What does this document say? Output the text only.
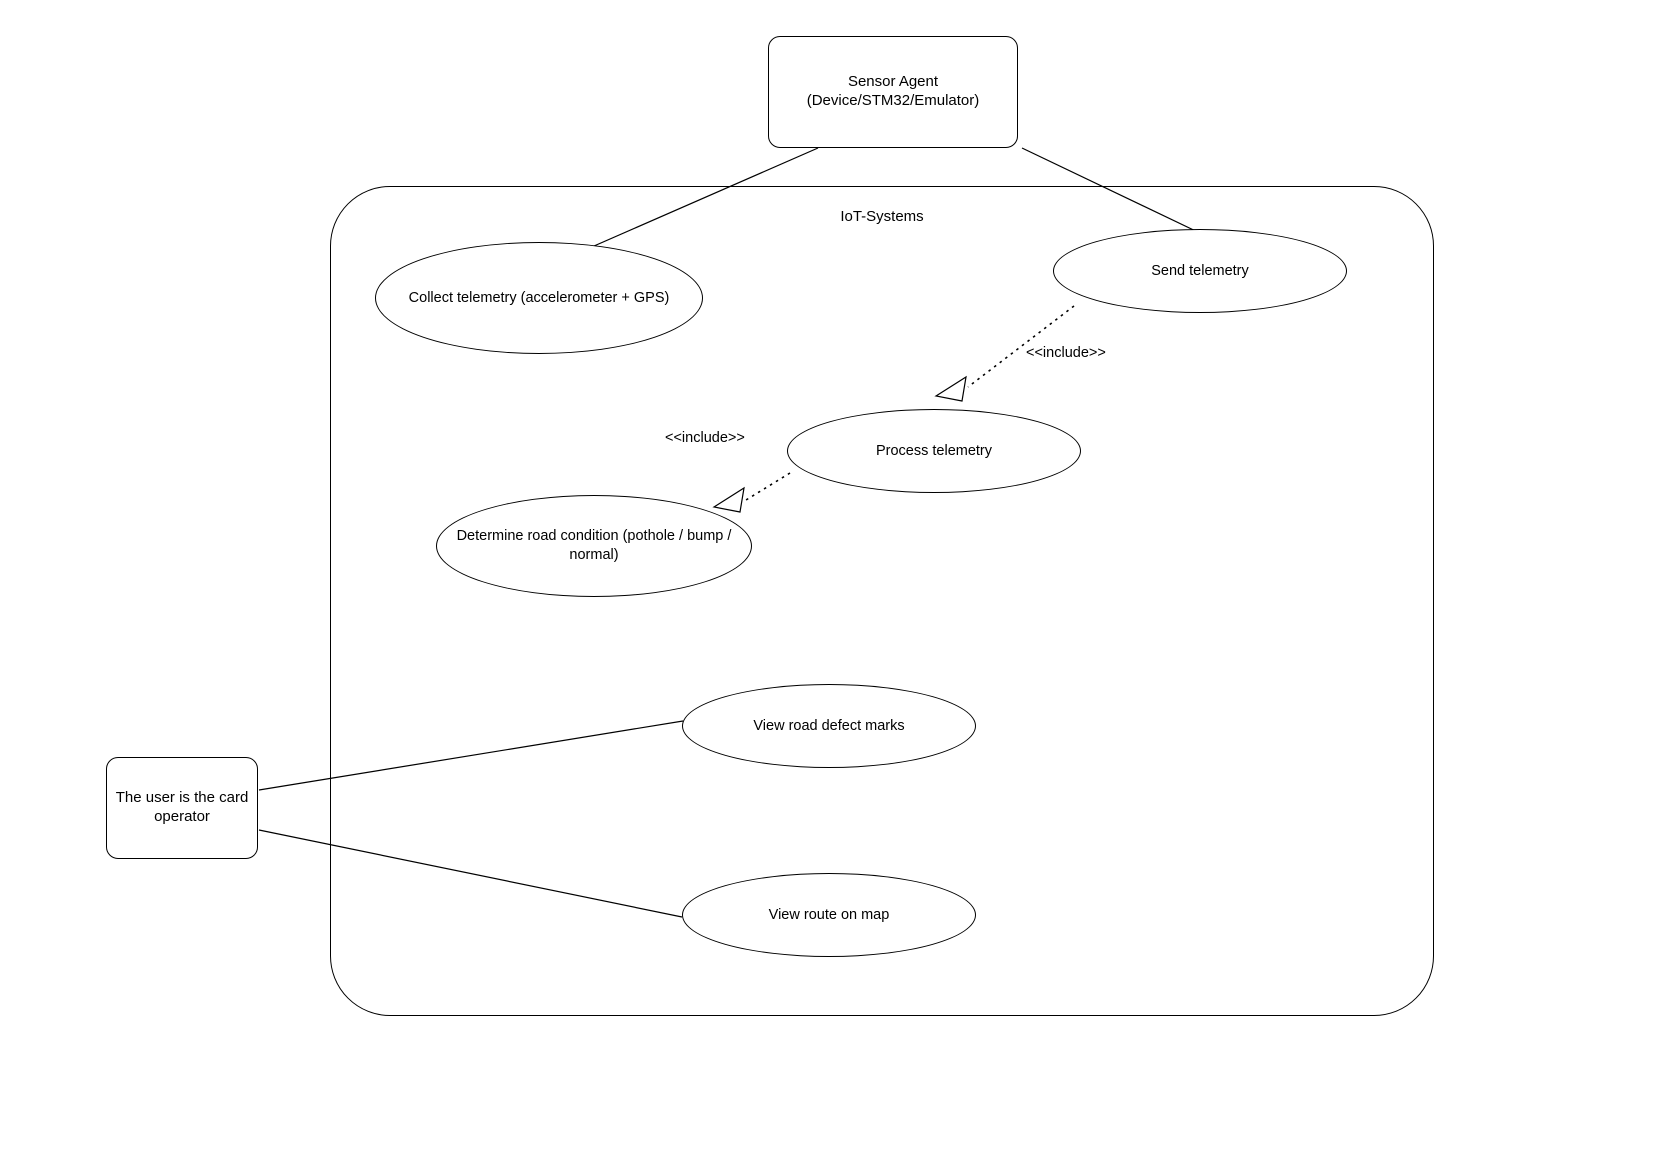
IoT-Systems
Sensor Agent
(Device/STM32/Emulator)
The user is the card
operator
Collect telemetry (accelerometer + GPS)
Send telemetry
Process telemetry
Determine road condition (pothole / bump /
normal)
View road defect marks
View route on map
<<include>>
<<include>>
